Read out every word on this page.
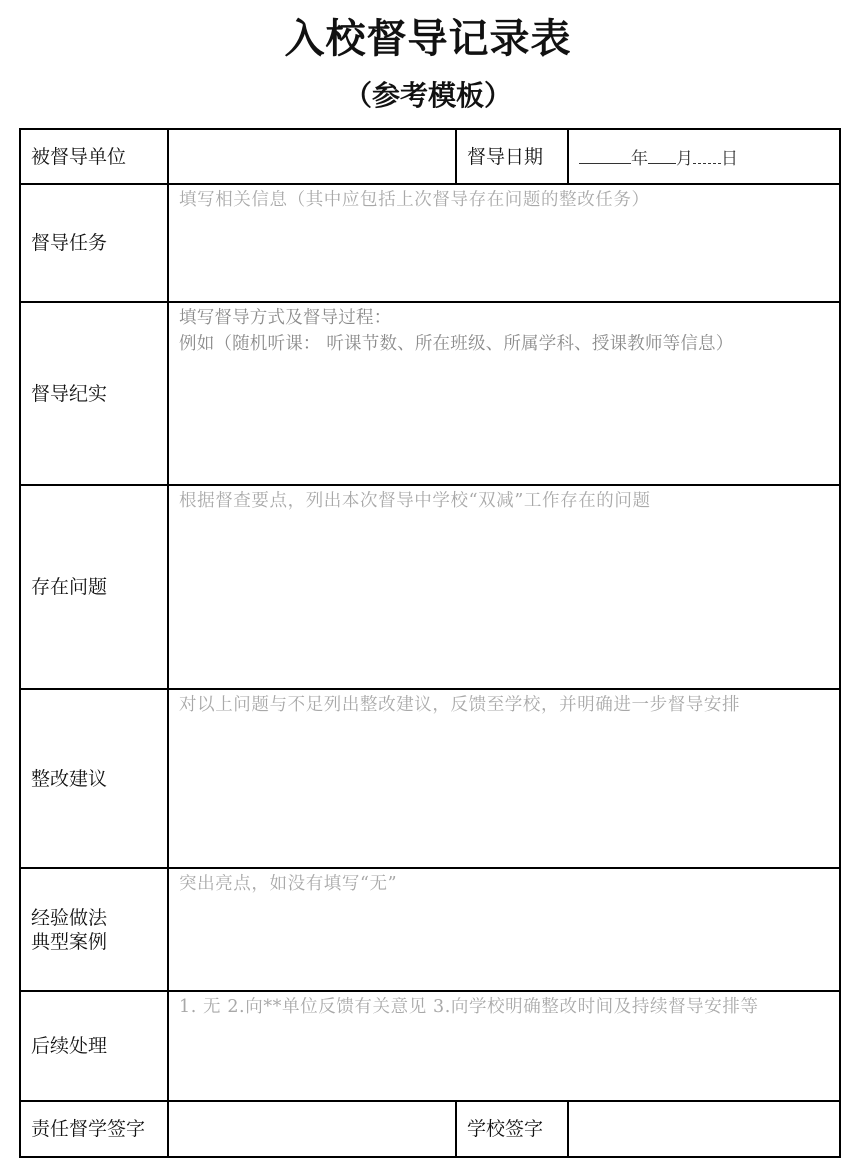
入校督导记录表
（参考模板）
被督导单位		督导日期	年 月 日
督导任务	填写相关信息（其中应包括上次督导存在问题的整改任务）		

督导纪实	填写督导方式及督导过程：
例如（随机听课： 听课节数、所在班级、所属学科、授课教师等信息）		

存在问题	根据督查要点，列出本次督导中学校“双减”工作存在的问题		

整改建议	对以上问题与不足列出整改建议，反馈至学校，并明确进一步督导安排		

经验做法
典型案例	突出亮点，如没有填写“无”		

后续处理	1. 无 2.向**单位反馈有关意见 3.向学校明确整改时间及持续督导安排等		

责任督学签字		学校签字	
